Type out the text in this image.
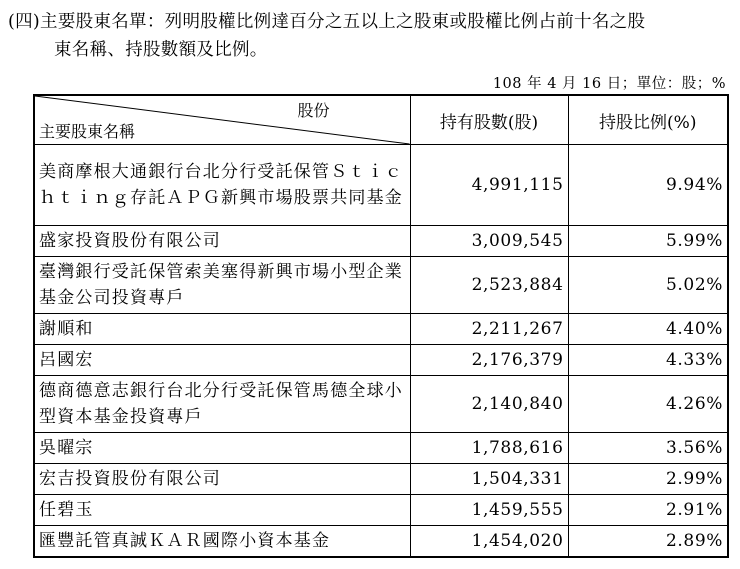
(四)主要股東名單：列明股權比例達百分之五以上之股東或股權比例占前十名之股
東名稱、持股數額及比例。
108 年 4 月 16 日；單位：股；%
股份
主要股東名稱	持有股數(股)	持股比例(%)
美商摩根大通銀行台北分行受託保管Ｓｔｉｃｈｔｉｎｇ存託ＡＰＧ新興市場股票共同基金	4,991,115	9.94%
盛家投資股份有限公司	3,009,545	5.99%
臺灣銀行受託保管索美塞得新興市場小型企業基金公司投資專戶	2,523,884	5.02%
謝順和	2,211,267	4.40%
呂國宏	2,176,379	4.33%
德商德意志銀行台北分行受託保管馬德全球小型資本基金投資專戶	2,140,840	4.26%
吳曜宗	1,788,616	3.56%
宏吉投資股份有限公司	1,504,331	2.99%
任碧玉	1,459,555	2.91%
匯豐託管真誠ＫＡＲ國際小資本基金	1,454,020	2.89%
